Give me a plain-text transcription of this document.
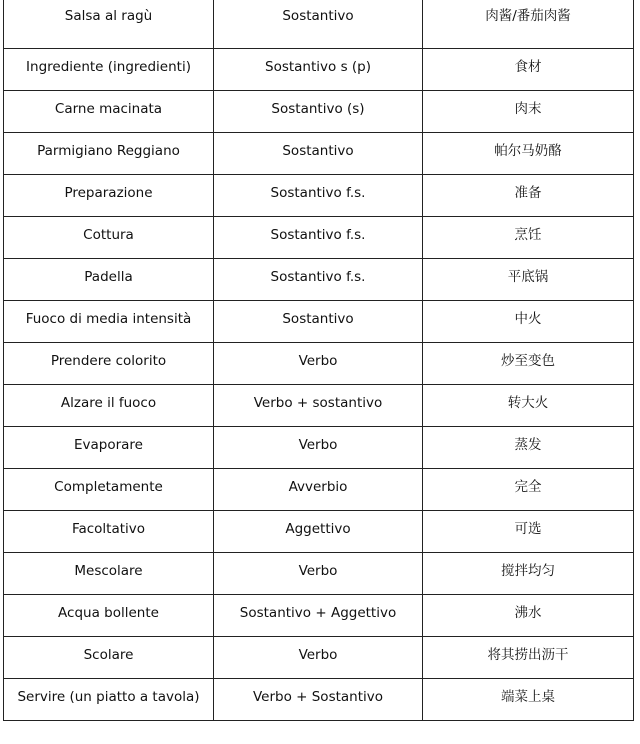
Salsa al ragù	Sostantivo	肉酱/番茄肉酱
Ingrediente (ingredienti)	Sostantivo s (p)	食材
Carne macinata	Sostantivo (s)	肉末
Parmigiano Reggiano	Sostantivo	帕尔马奶酪
Preparazione	Sostantivo f.s.	准备
Cottura	Sostantivo f.s.	烹饪
Padella	Sostantivo f.s.	平底锅
Fuoco di media intensità	Sostantivo	中火
Prendere colorito	Verbo	炒至变色
Alzare il fuoco	Verbo + sostantivo	转大火
Evaporare	Verbo	蒸发
Completamente	Avverbio	完全
Facoltativo	Aggettivo	可选
Mescolare	Verbo	搅拌均匀
Acqua bollente	Sostantivo + Aggettivo	沸水
Scolare	Verbo	将其捞出沥干
Servire (un piatto a tavola)	Verbo + Sostantivo	端菜上桌
